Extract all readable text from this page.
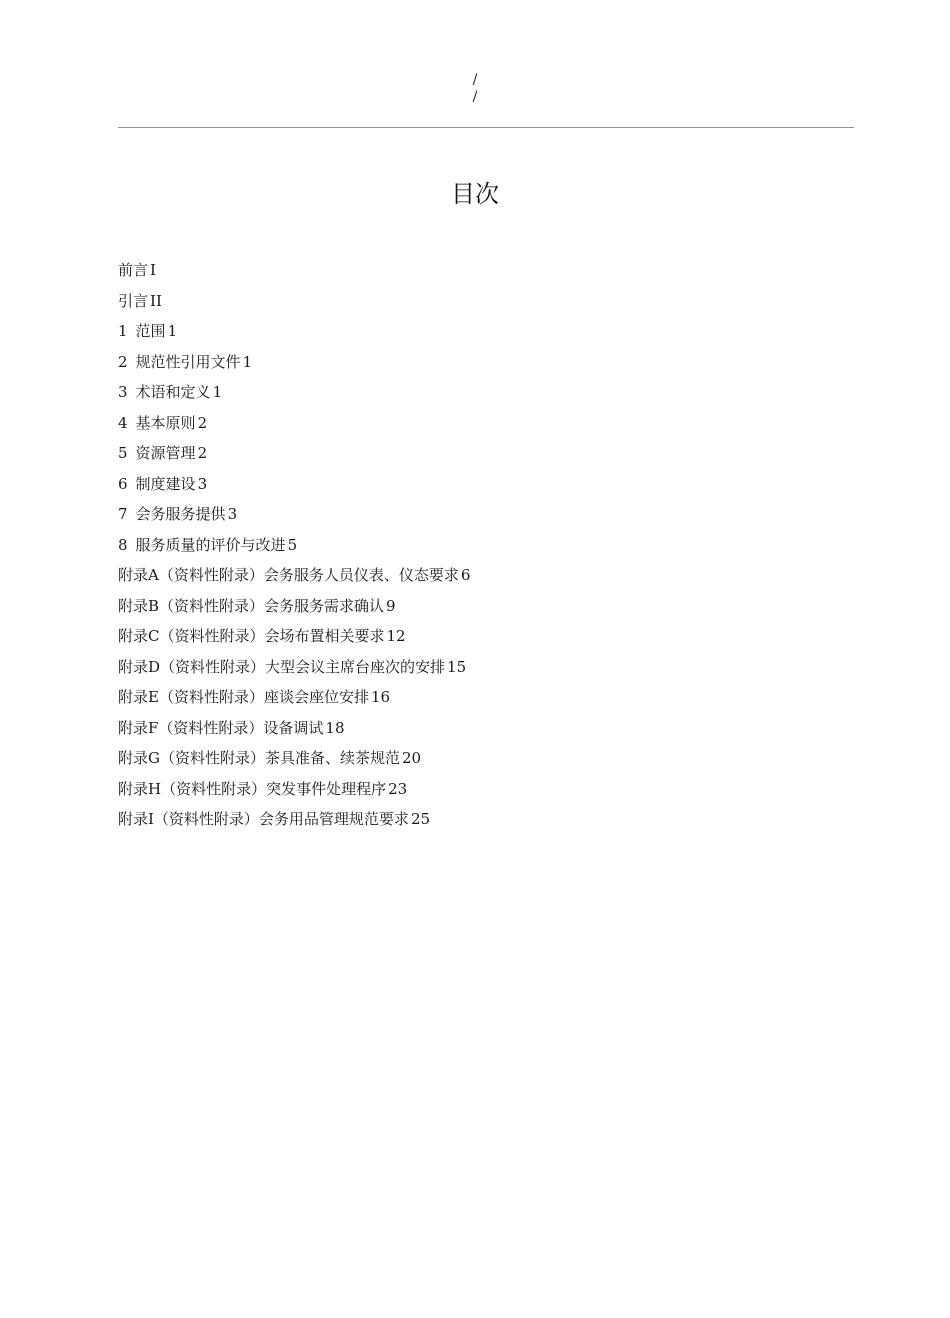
/
/
目次
前言 I
引言 II
1 范围 1
2 规范性引用文件 1
3 术语和定义 1
4 基本原则 2
5 资源管理 2
6 制度建设 3
7 会务服务提供 3
8 服务质量的评价与改进 5
附录A（资料性附录）会务服务人员仪表、仪态要求 6
附录B（资料性附录）会务服务需求确认 9
附录C（资料性附录）会场布置相关要求 12
附录D（资料性附录）大型会议主席台座次的安排 15
附录E（资料性附录）座谈会座位安排 16
附录F（资料性附录）设备调试 18
附录G（资料性附录）茶具准备、续茶规范 20
附录H（资料性附录）突发事件处理程序 23
附录I（资料性附录）会务用品管理规范要求 25
